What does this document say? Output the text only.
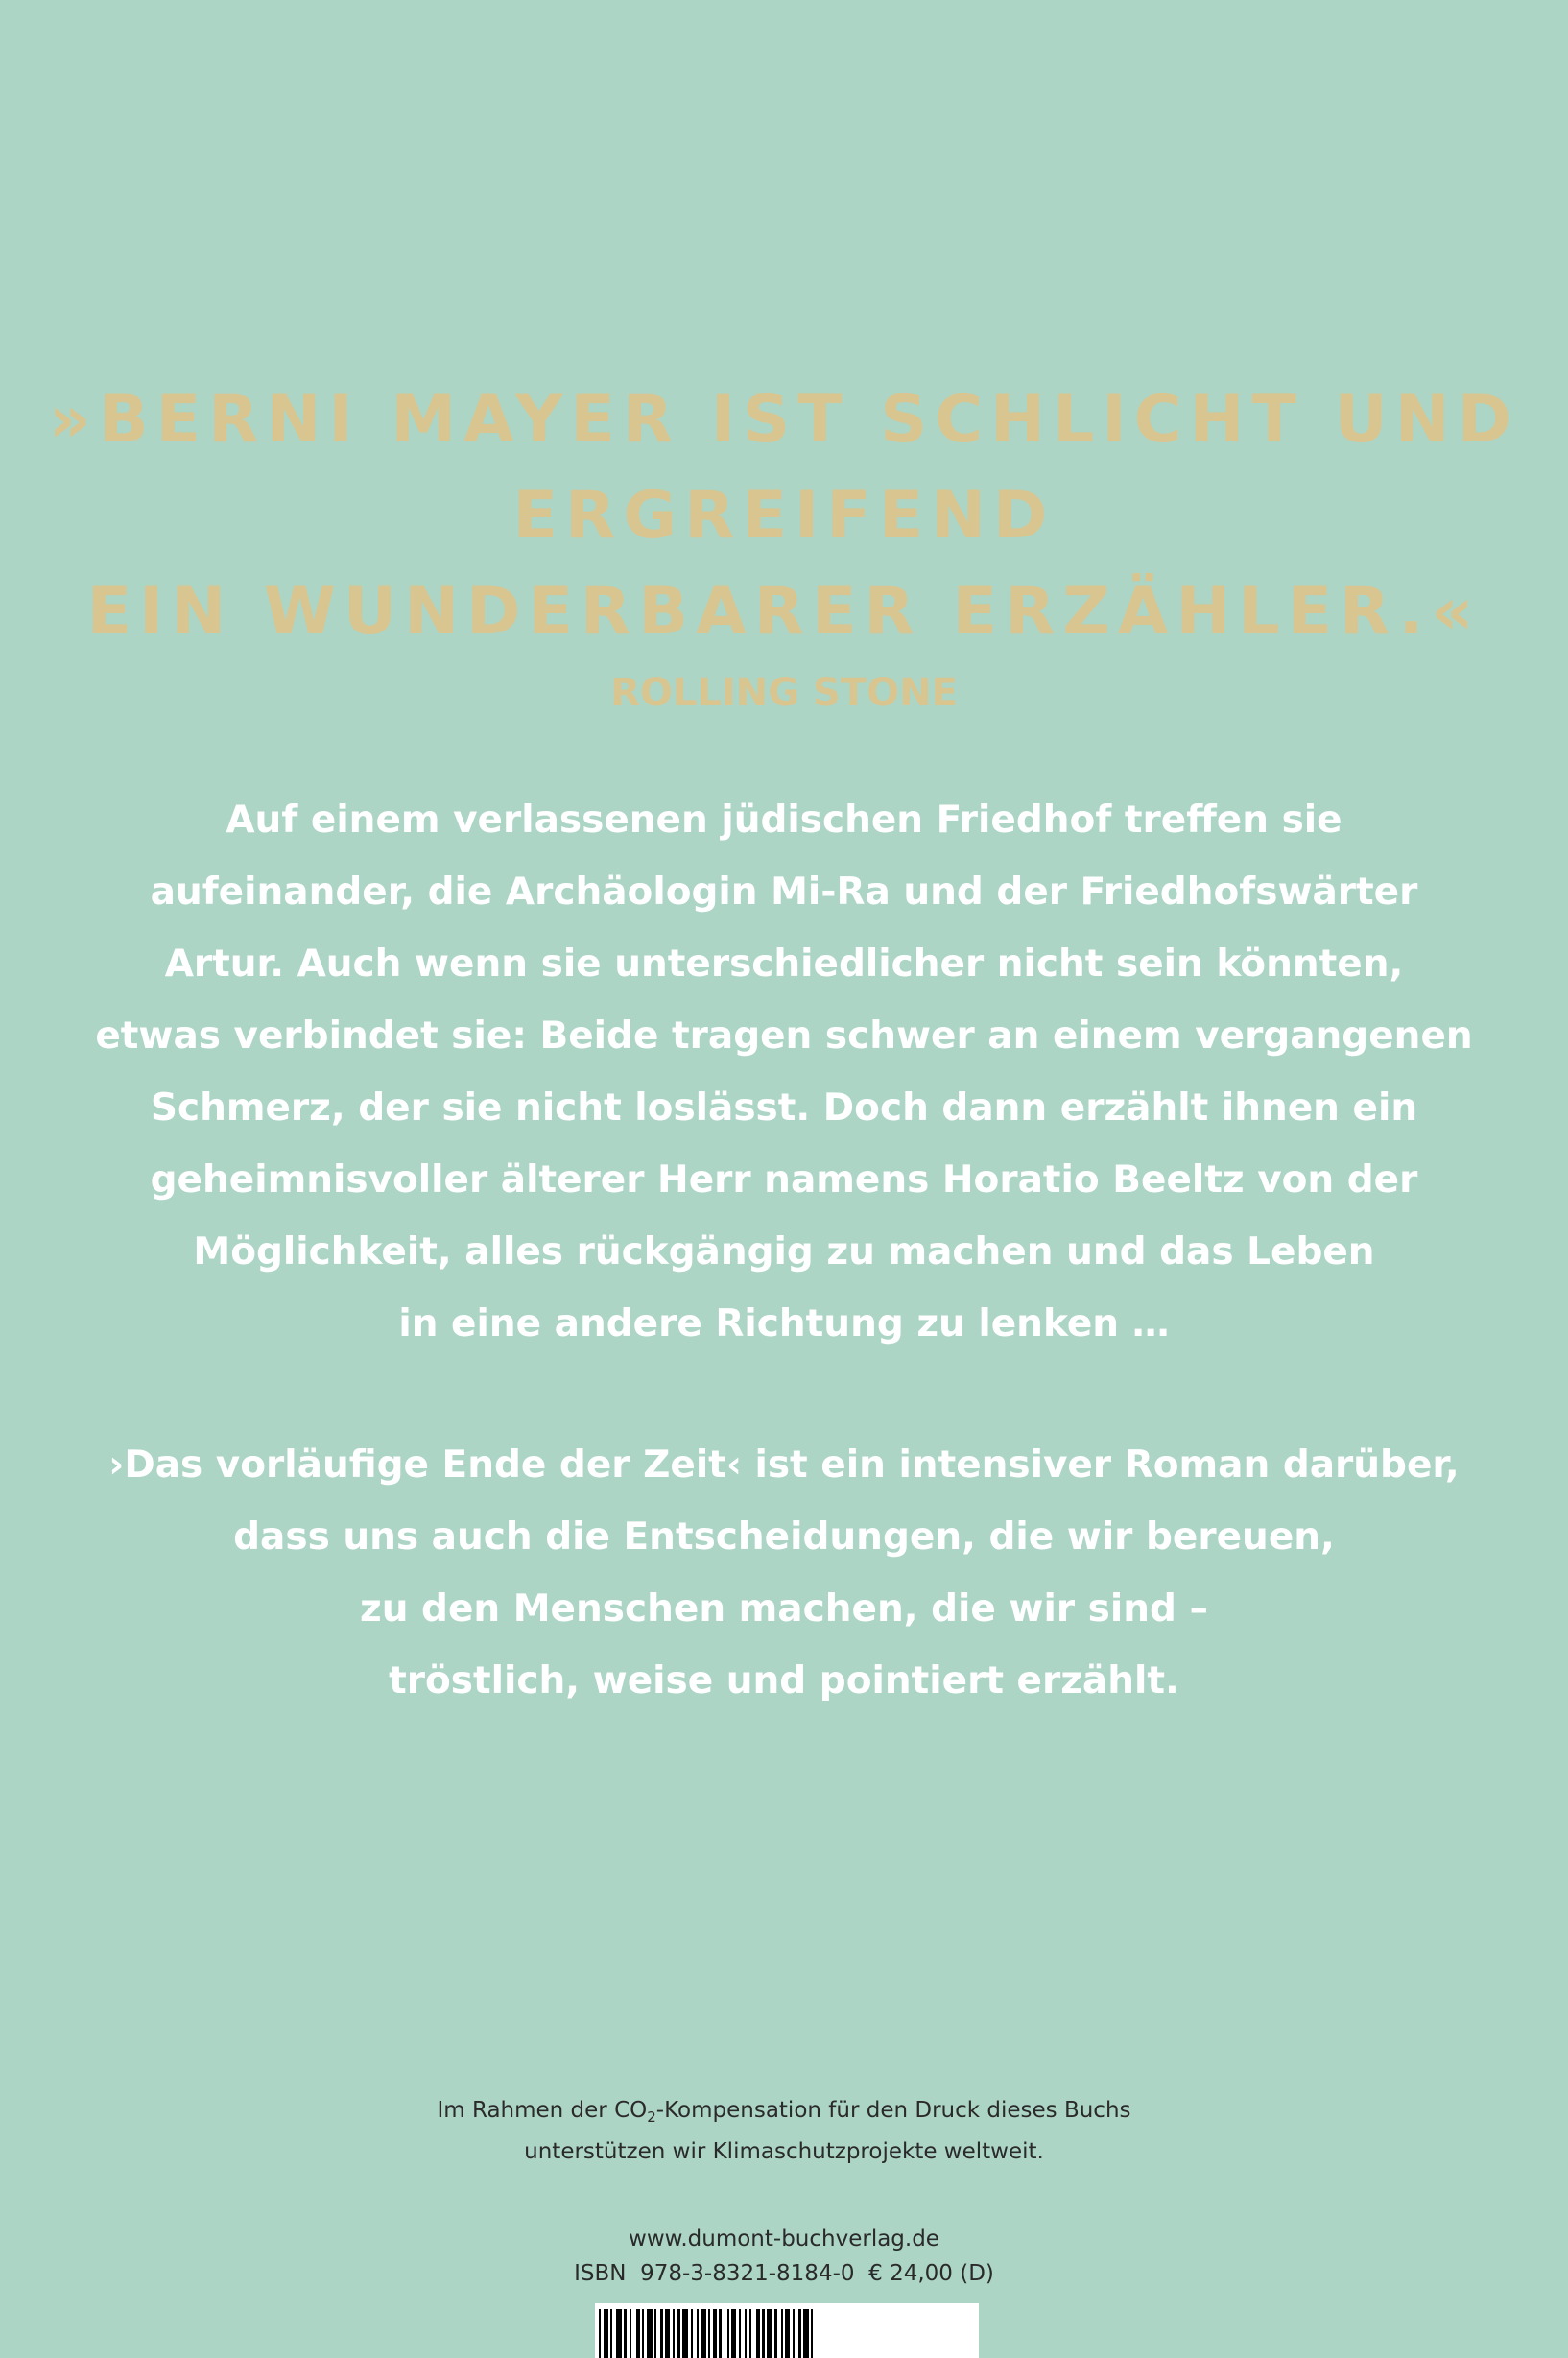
»BERNI MAYER IST SCHLICHT UND
ERGREIFEND
EIN WUNDERBARER ERZÄHLER.«
ROLLING STONE
Auf einem verlassenen jüdischen Friedhof treffen sie
aufeinander, die Archäologin Mi-Ra und der Friedhofswärter
Artur. Auch wenn sie unterschiedlicher nicht sein könnten,
etwas verbindet sie: Beide tragen schwer an einem vergangenen
Schmerz, der sie nicht loslässt. Doch dann erzählt ihnen ein
geheimnisvoller älterer Herr namens Horatio Beeltz von der
Möglichkeit, alles rückgängig zu machen und das Leben
in eine andere Richtung zu lenken …
›Das vorläufige Ende der Zeit‹ ist ein intensiver Roman darüber,
dass uns auch die Entscheidungen, die wir bereuen,
zu den Menschen machen, die wir sind –
tröstlich, weise und pointiert erzählt.
Im Rahmen der $CO_2$-Kompensation für den Druck dieses Buchs
unterstützen wir Klimaschutzprojekte weltweit.
www.dumont-buchverlag.de
ISBN 978-3-8321-8184-0 € 24,00 (D)
